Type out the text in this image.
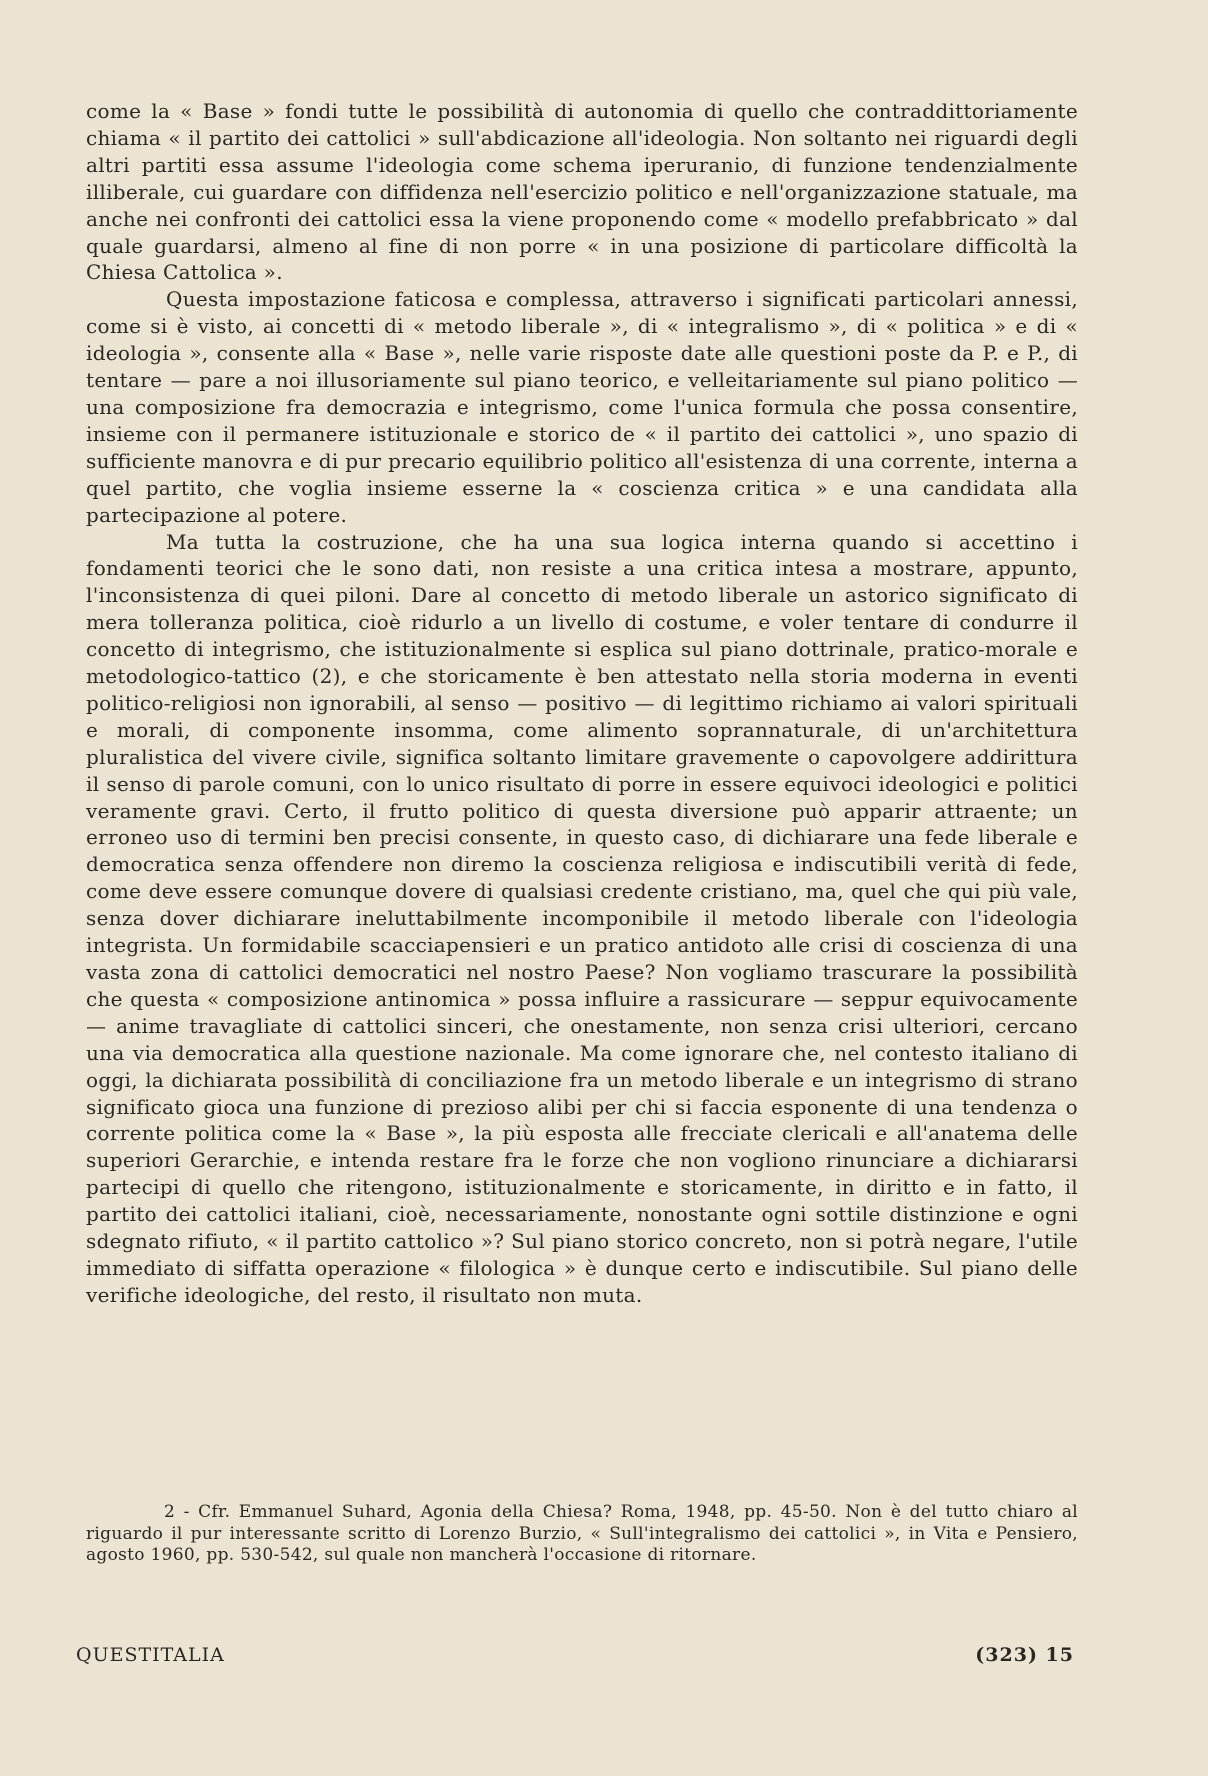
come la « Base » fondi tutte le possibilità di autonomia di quello che contraddittoriamente chiama « il partito dei cattolici » sull'abdicazione all'ideologia. Non soltanto nei riguardi degli altri partiti essa assume l'ideologia come schema iperuranio, di funzione tendenzialmente illiberale, cui guardare con diffidenza nell'esercizio politico e nell'organizzazione statuale, ma anche nei confronti dei cattolici essa la viene proponendo come « modello prefabbricato » dal quale guardarsi, almeno al fine di non porre « in una posizione di particolare difficoltà la Chiesa Cattolica ».

Questa impostazione faticosa e complessa, attraverso i significati particolari annessi, come si è visto, ai concetti di « metodo liberale », di « integralismo », di « politica » e di « ideologia », consente alla « Base », nelle varie risposte date alle questioni poste da P. e P., di tentare — pare a noi illusoriamente sul piano teorico, e velleitariamente sul piano politico — una composizione fra democrazia e integrismo, come l'unica formula che possa consentire, insieme con il permanere istituzionale e storico de « il partito dei cattolici », uno spazio di sufficiente manovra e di pur precario equilibrio politico all'esistenza di una corrente, interna a quel partito, che voglia insieme esserne la « coscienza critica » e una candidata alla partecipazione al potere.

Ma tutta la costruzione, che ha una sua logica interna quando si accettino i fondamenti teorici che le sono dati, non resiste a una critica intesa a mostrare, appunto, l'inconsistenza di quei piloni. Dare al concetto di metodo liberale un astorico significato di mera tolleranza politica, cioè ridurlo a un livello di costume, e voler tentare di condurre il concetto di integrismo, che istituzionalmente si esplica sul piano dottrinale, pratico-morale e metodologico-tattico (2), e che storicamente è ben attestato nella storia moderna in eventi politico-religiosi non ignorabili, al senso — positivo — di legittimo richiamo ai valori spirituali e morali, di componente insomma, come alimento soprannaturale, di un'architettura pluralistica del vivere civile, significa soltanto limitare gravemente o capovolgere addirittura il senso di parole comuni, con lo unico risultato di porre in essere equivoci ideologici e politici veramente gravi. Certo, il frutto politico di questa diversione può apparir attraente; un erroneo uso di termini ben precisi consente, in questo caso, di dichiarare una fede liberale e democratica senza offendere non diremo la coscienza religiosa e indiscutibili verità di fede, come deve essere comunque dovere di qualsiasi credente cristiano, ma, quel che qui più vale, senza dover dichiarare ineluttabilmente incomponibile il metodo liberale con l'ideologia integrista. Un formidabile scacciapensieri e un pratico antidoto alle crisi di coscienza di una vasta zona di cattolici democratici nel nostro Paese? Non vogliamo trascurare la possibilità che questa « composizione antinomica » possa influire a rassicurare — seppur equivocamente — anime travagliate di cattolici sinceri, che onestamente, non senza crisi ulteriori, cercano una via democratica alla questione nazionale. Ma come ignorare che, nel contesto italiano di oggi, la dichiarata possibilità di conciliazione fra un metodo liberale e un integrismo di strano significato gioca una funzione di prezioso alibi per chi si faccia esponente di una tendenza o corrente politica come la « Base », la più esposta alle frecciate clericali e all'anatema delle superiori Gerarchie, e intenda restare fra le forze che non vogliono rinunciare a dichiararsi partecipi di quello che ritengono, istituzionalmente e storicamente, in diritto e in fatto, il partito dei cattolici italiani, cioè, necessariamente, nonostante ogni sottile distinzione e ogni sdegnato rifiuto, « il partito cattolico »? Sul piano storico concreto, non si potrà negare, l'utile immediato di siffatta operazione « filologica » è dunque certo e indiscutibile. Sul piano delle verifiche ideologiche, del resto, il risultato non muta.

2 - Cfr. Emmanuel Suhard, Agonia della Chiesa? Roma, 1948, pp. 45-50. Non è del tutto chiaro al riguardo il pur interessante scritto di Lorenzo Burzio, « Sull'integralismo dei cattolici », in Vita e Pensiero, agosto 1960, pp. 530-542, sul quale non mancherà l'occasione di ritornare.

QUESTITALIA	(323) 15
